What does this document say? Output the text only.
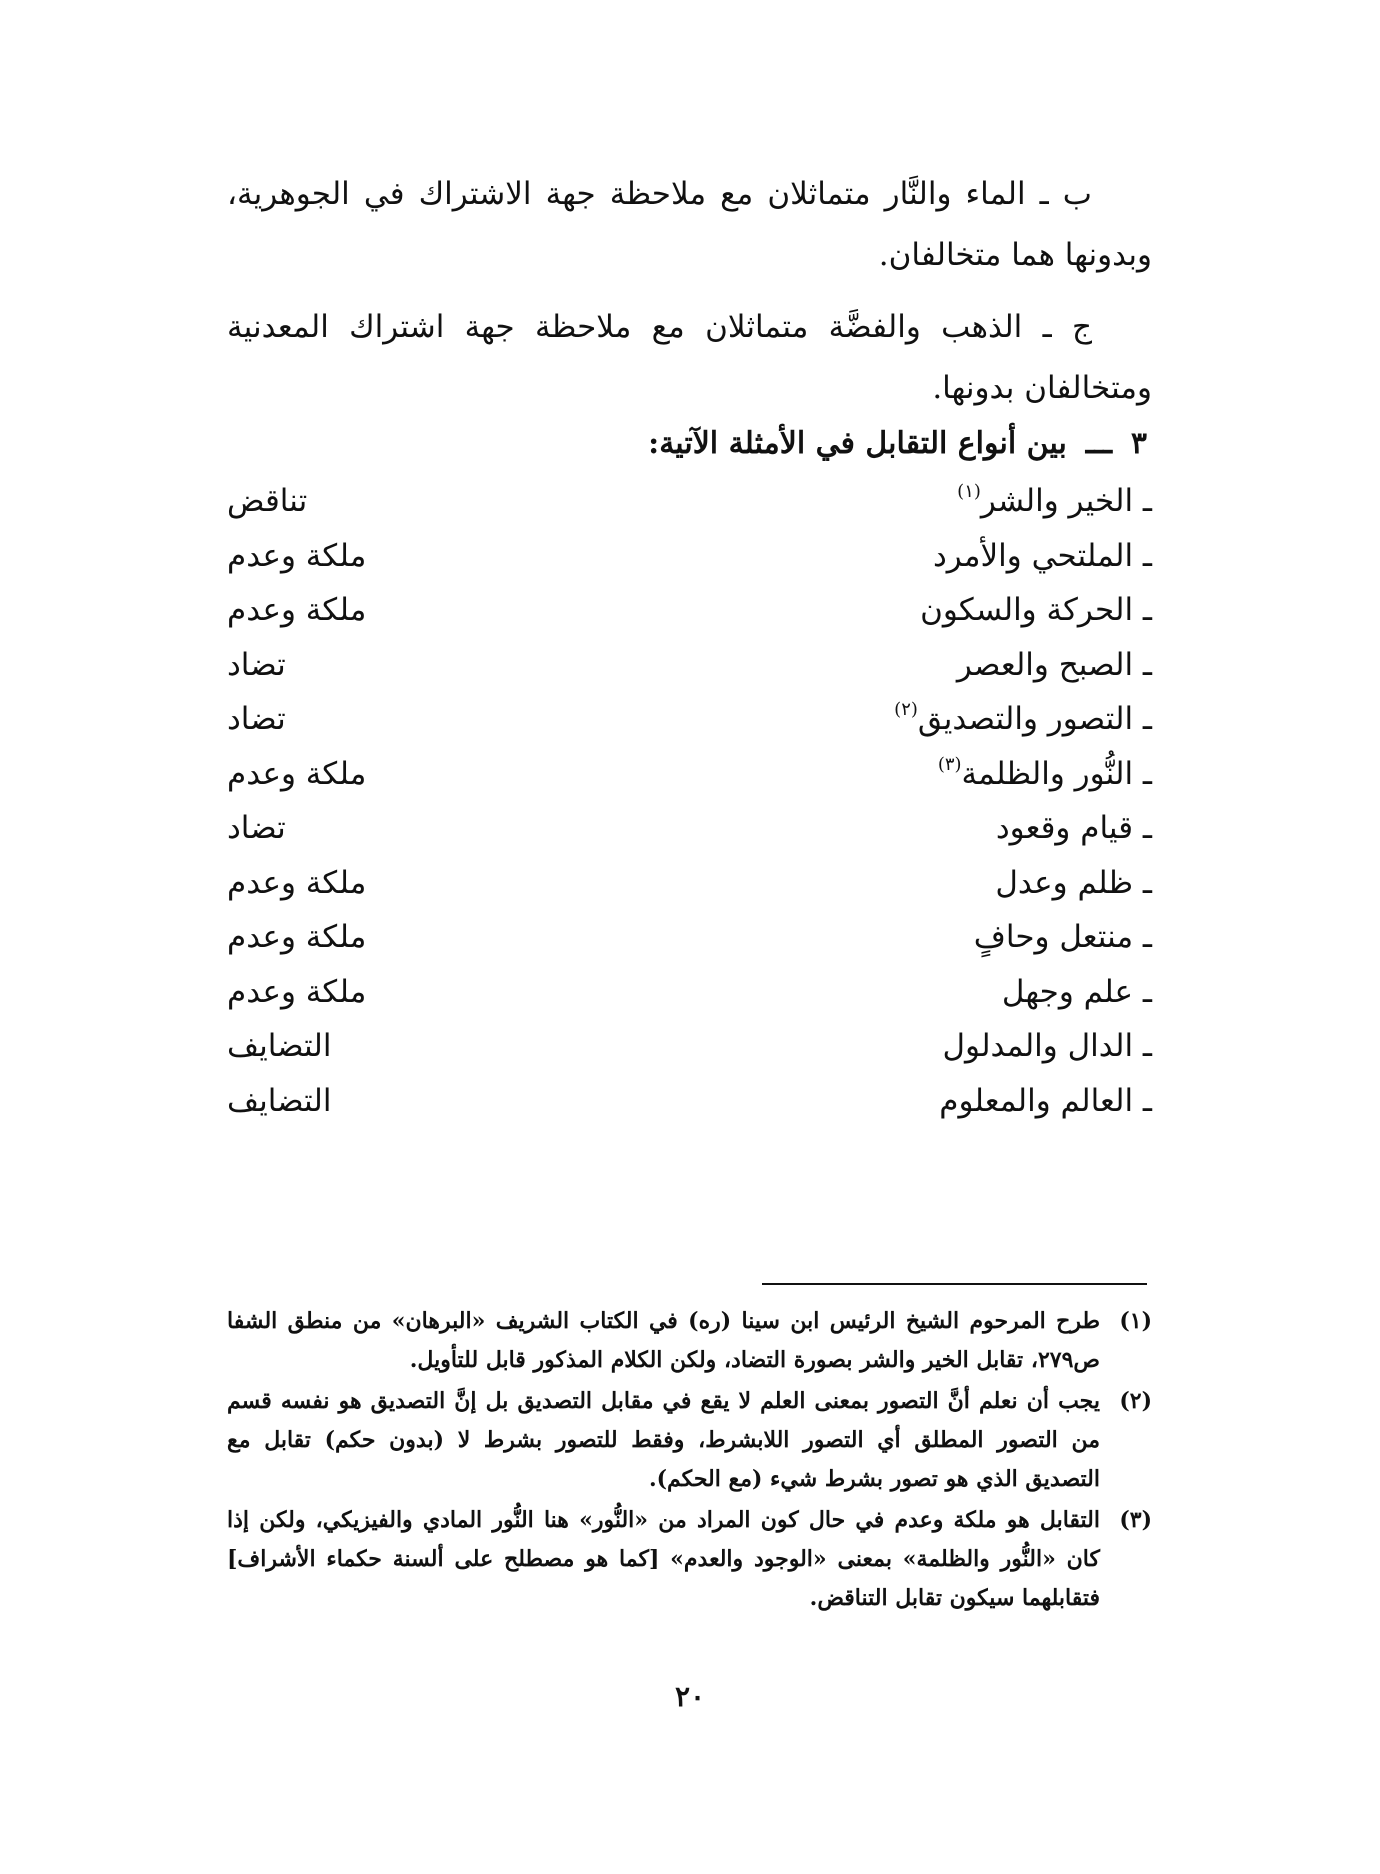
ب ـ الماء والنَّار متماثلان مع ملاحظة جهة الاشتراك في الجوهرية، وبدونها هما متخالفان.

ج ـ الذهب والفضَّة متماثلان مع ملاحظة جهة اشتراك المعدنية ومتخالفان بدونها.

٣ـــبين أنواع التقابل في الأمثلة الآتية:
ـ الخير والشر$^{(١)}$
تناقض
ـ الملتحي والأمرد
ملكة وعدم
ـ الحركة والسكون
ملكة وعدم
ـ الصبح والعصر
تضاد
ـ التصور والتصديق$^{(٢)}$
تضاد
ـ النُّور والظلمة$^{(٣)}$
ملكة وعدم
ـ قيام وقعود
تضاد
ـ ظلم وعدل
ملكة وعدم
ـ منتعل وحافٍ
ملكة وعدم
ـ علم وجهل
ملكة وعدم
ـ الدال والمدلول
التضايف
ـ العالم والمعلوم
التضايف
(١)
طرح المرحوم الشيخ الرئيس ابن سينا (ره) في الكتاب الشريف «البرهان» من منطق الشفا ص٢٧٩، تقابل الخير والشر بصورة التضاد، ولكن الكلام المذكور قابل للتأويل.
(٢)
يجب أن نعلم أنَّ التصور بمعنى العلم لا يقع في مقابل التصديق بل إنَّ التصديق هو نفسه قسم من التصور المطلق أي التصور اللابشرط، وفقط للتصور بشرط لا (بدون حكم) تقابل مع التصديق الذي هو تصور بشرط شيء (مع الحكم).
(٣)
التقابل هو ملكة وعدم في حال كون المراد من «النُّور» هنا النُّور المادي والفيزيكي، ولكن إذا كان «النُّور والظلمة» بمعنى «الوجود والعدم» [كما هو مصطلح على ألسنة حكماء الأشراف] فتقابلهما سيكون تقابل التناقض.
٢٠
